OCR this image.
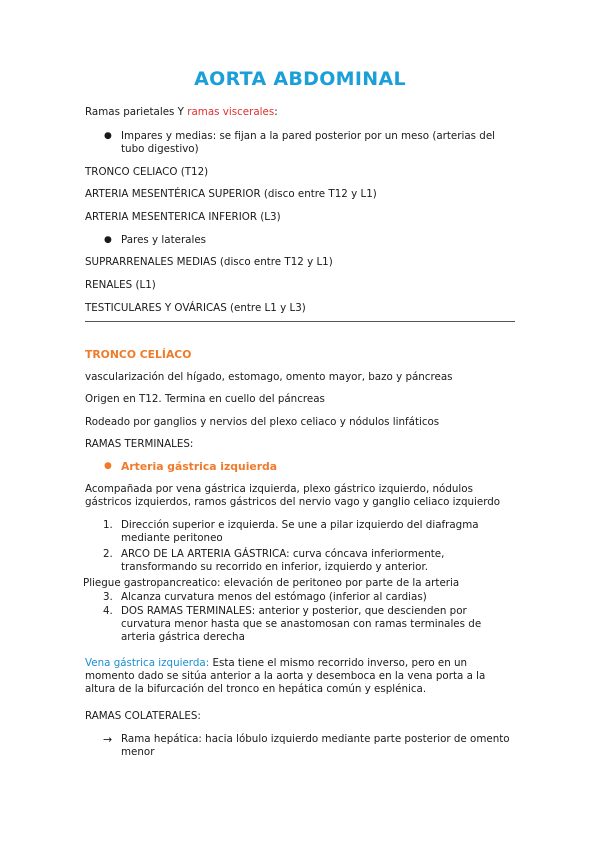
AORTA ABDOMINAL
Ramas parietales Y ramas viscerales:
● Impares y medias: se fijan a la pared posterior por un meso (arterias del tubo digestivo)
TRONCO CELIACO (T12)
ARTERIA MESENTÉRICA SUPERIOR (disco entre T12 y L1)
ARTERIA MESENTERICA INFERIOR (L3)
● Pares y laterales
SUPRARRENALES MEDIAS (disco entre T12 y L1)
RENALES (L1)
TESTICULARES Y OVÁRICAS (entre L1 y L3)
TRONCO CELÍACO
vascularización del hígado, estomago, omento mayor, bazo y páncreas
Origen en T12. Termina en cuello del páncreas
Rodeado por ganglios y nervios del plexo celiaco y nódulos linfáticos
RAMAS TERMINALES:
● Arteria gástrica izquierda
Acompañada por vena gástrica izquierda, plexo gástrico izquierdo, nódulos gástricos izquierdos, ramos gástricos del nervio vago y ganglio celiaco izquierdo
1. Dirección superior e izquierda. Se une a pilar izquierdo del diafragma mediante peritoneo
2. ARCO DE LA ARTERIA GÁSTRICA: curva cóncava inferiormente, transformando su recorrido en inferior, izquierdo y anterior.
Pliegue gastropancreatico: elevación de peritoneo por parte de la arteria
3. Alcanza curvatura menos del estómago (inferior al cardias)
4. DOS RAMAS TERMINALES: anterior y posterior, que descienden por curvatura menor hasta que se anastomosan con ramas terminales de arteria gástrica derecha
Vena gástrica izquierda: Esta tiene el mismo recorrido inverso, pero en un momento dado se sitúa anterior a la aorta y desemboca en la vena porta a la altura de la bifurcación del tronco en hepática común y esplénica.
RAMAS COLATERALES:
→ Rama hepática: hacia lóbulo izquierdo mediante parte posterior de omento menor
